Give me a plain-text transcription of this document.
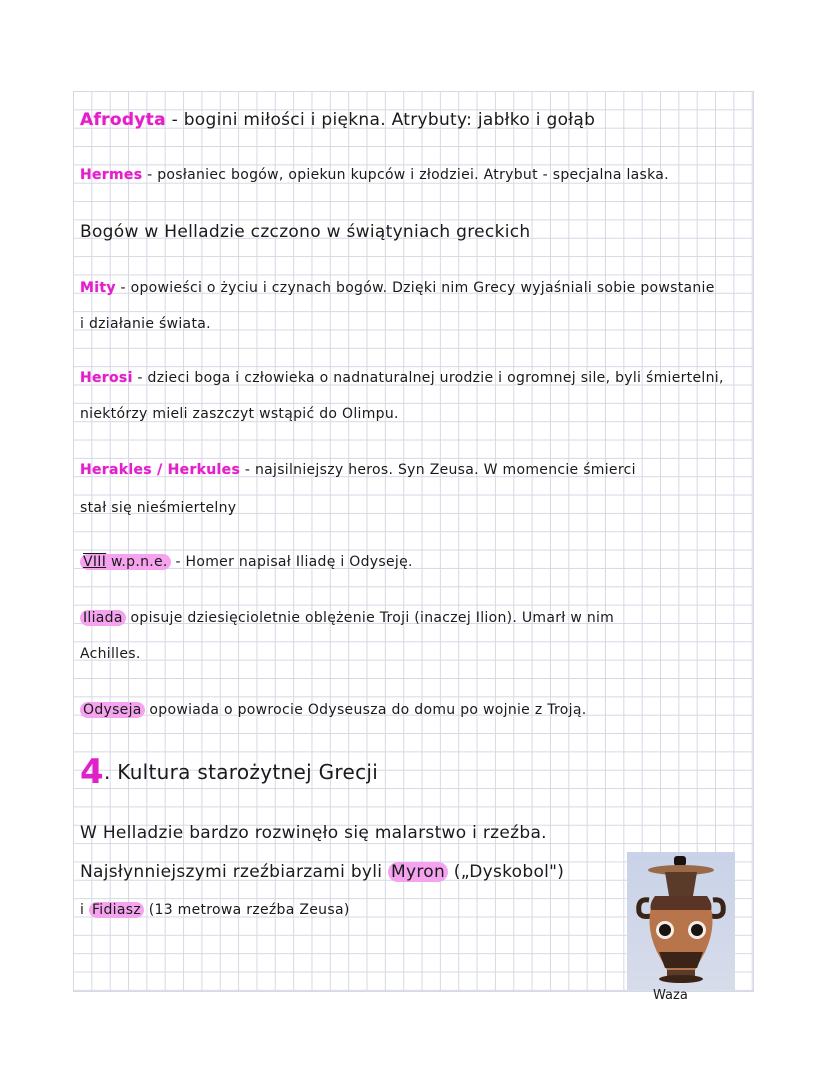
Afrodyta - bogini miłości i piękna. Atrybuty: jabłko i gołąb
Hermes - posłaniec bogów, opiekun kupców i złodziei. Atrybut - specjalna laska.
Bogów w Helladzie czczono w świątyniach greckich
Mity - opowieści o życiu i czynach bogów. Dzięki nim Grecy wyjaśniali sobie powstanie
i działanie świata.
Herosi - dzieci boga i człowieka o nadnaturalnej urodzie i ogromnej sile, byli śmiertelni,
niektórzy mieli zaszczyt wstąpić do Olimpu.
Herakles / Herkules - najsilniejszy heros. Syn Zeusa. W momencie śmierci
stał się nieśmiertelny
VIII w.p.n.e. - Homer napisał Iliadę i Odyseję.
Iliada opisuje dziesięcioletnie oblężenie Troji (inaczej Ilion). Umarł w nim
Achilles.
Odyseja opowiada o powrocie Odyseusza do domu po wojnie z Troją.
4. Kultura starożytnej Grecji
W Helladzie bardzo rozwinęło się malarstwo i rzeźba.
Najsłynniejszymi rzeźbiarzami byli Myron („Dyskobol")
i Fidiasz (13 metrowa rzeźba Zeusa)
Waza
